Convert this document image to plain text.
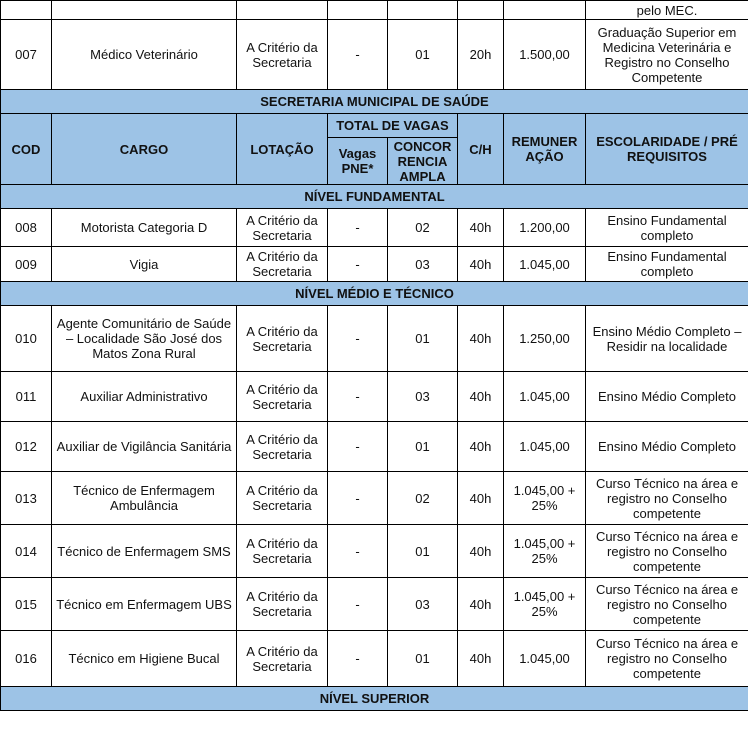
							pelo MEC.
007	Médico Veterinário	A Critério da Secretaria	-	01	20h	1.500,00	Graduação Superior em Medicina Veterinária e Registro no Conselho Competente
SECRETARIA MUNICIPAL DE SAÚDE							
COD	CARGO	LOTAÇÃO	TOTAL DE VAGAS		C/H	REMUNER AÇÃO	ESCOLARIDADE / PRÉ REQUISITOS
			Vagas PNE*	CONCOR RENCIA AMPLA			
NÍVEL FUNDAMENTAL							
008	Motorista Categoria D	A Critério da Secretaria	-	02	40h	1.200,00	Ensino Fundamental completo
009	Vigia	A Critério da Secretaria	-	03	40h	1.045,00	Ensino Fundamental completo
NÍVEL MÉDIO E TÉCNICO							
010	Agente Comunitário de Saúde – Localidade São José dos Matos Zona Rural	A Critério da Secretaria	-	01	40h	1.250,00	Ensino Médio Completo – Residir na localidade
011	Auxiliar Administrativo	A Critério da Secretaria	-	03	40h	1.045,00	Ensino Médio Completo
012	Auxiliar de Vigilância Sanitária	A Critério da Secretaria	-	01	40h	1.045,00	Ensino Médio Completo
013	Técnico de Enfermagem Ambulância	A Critério da Secretaria	-	02	40h	1.045,00 + 25%	Curso Técnico na área e registro no Conselho competente
014	Técnico de Enfermagem SMS	A Critério da Secretaria	-	01	40h	1.045,00 + 25%	Curso Técnico na área e registro no Conselho competente
015	Técnico em Enfermagem UBS	A Critério da Secretaria	-	03	40h	1.045,00 + 25%	Curso Técnico na área e registro no Conselho competente
016	Técnico em Higiene Bucal	A Critério da Secretaria	-	01	40h	1.045,00	Curso Técnico na área e registro no Conselho competente
NÍVEL SUPERIOR							
